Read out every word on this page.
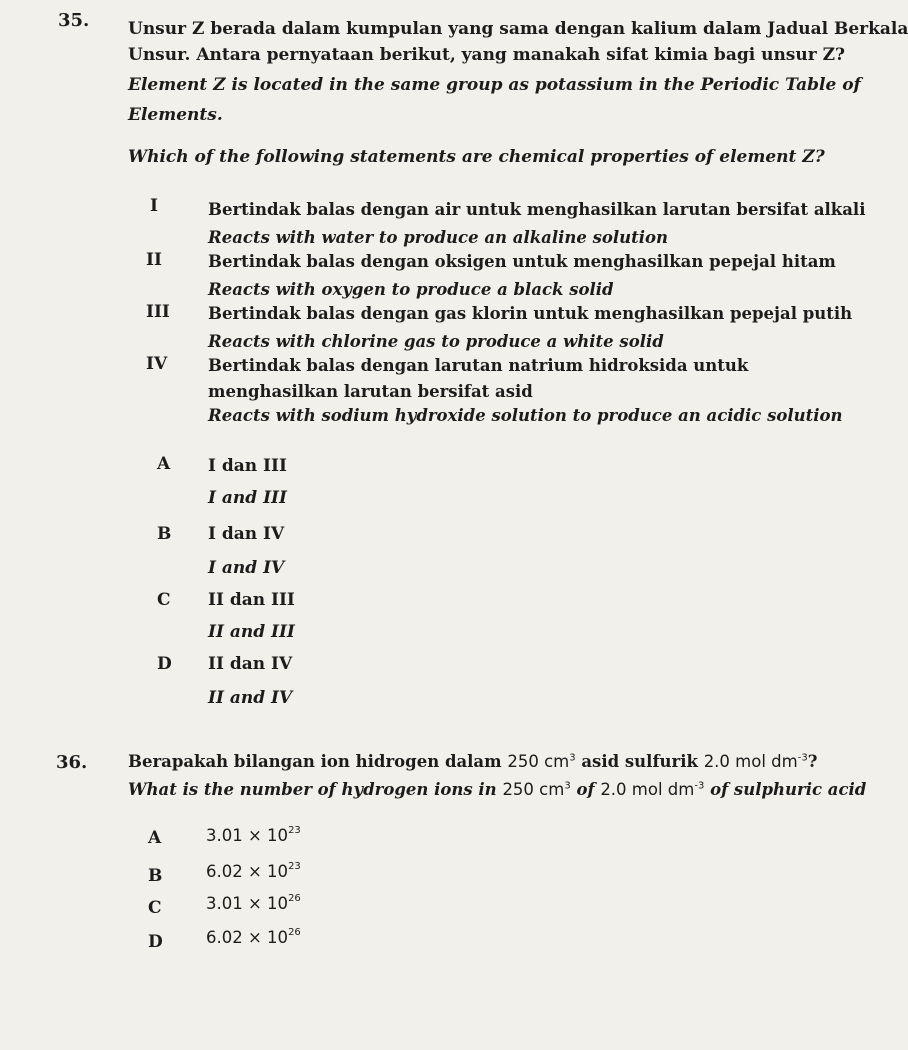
35. Unsur Z berada dalam kumpulan yang sama dengan kalium dalam Jadual Berkala
Unsur. Antara pernyataan berikut, yang manakah sifat kimia bagi unsur Z?
Element Z is located in the same group as potassium in the Periodic Table of
Elements.
Which of the following statements are chemical properties of element Z?
I	Bertindak balas dengan air untuk menghasilkan larutan bersifat alkali
Reacts with water to produce an alkaline solution
II	Bertindak balas dengan oksigen untuk menghasilkan pepejal hitam
Reacts with oxygen to produce a black solid
III Bertindak balas dengan gas klorin untuk menghasilkan pepejal putih
Reacts with chlorine gas to produce a white solid
IV Bertindak balas dengan larutan natrium hidroksida untuk
menghasilkan larutan bersifat asid
Reacts with sodium hydroxide solution to produce an acidic solution
A I dan III
I and III
B I dan IV
I and IV
C II dan III
II and III
D II dan IV
II and IV
36. Berapakah bilangan ion hidrogen dalam 250 $cm^3$ asid sulfurik 2.0 mol $dm^{-3}$?
What is the number of hydrogen ions in 250 $cm^3$ of 2.0 mol $dm^{-3}$ of sulphuric acid
A	$3.01 \times 10^{23}$
B	$6.02 \times 10^{23}$
C	$3.01 \times 10^{26}$
D	$6.02 \times 10^{26}$
